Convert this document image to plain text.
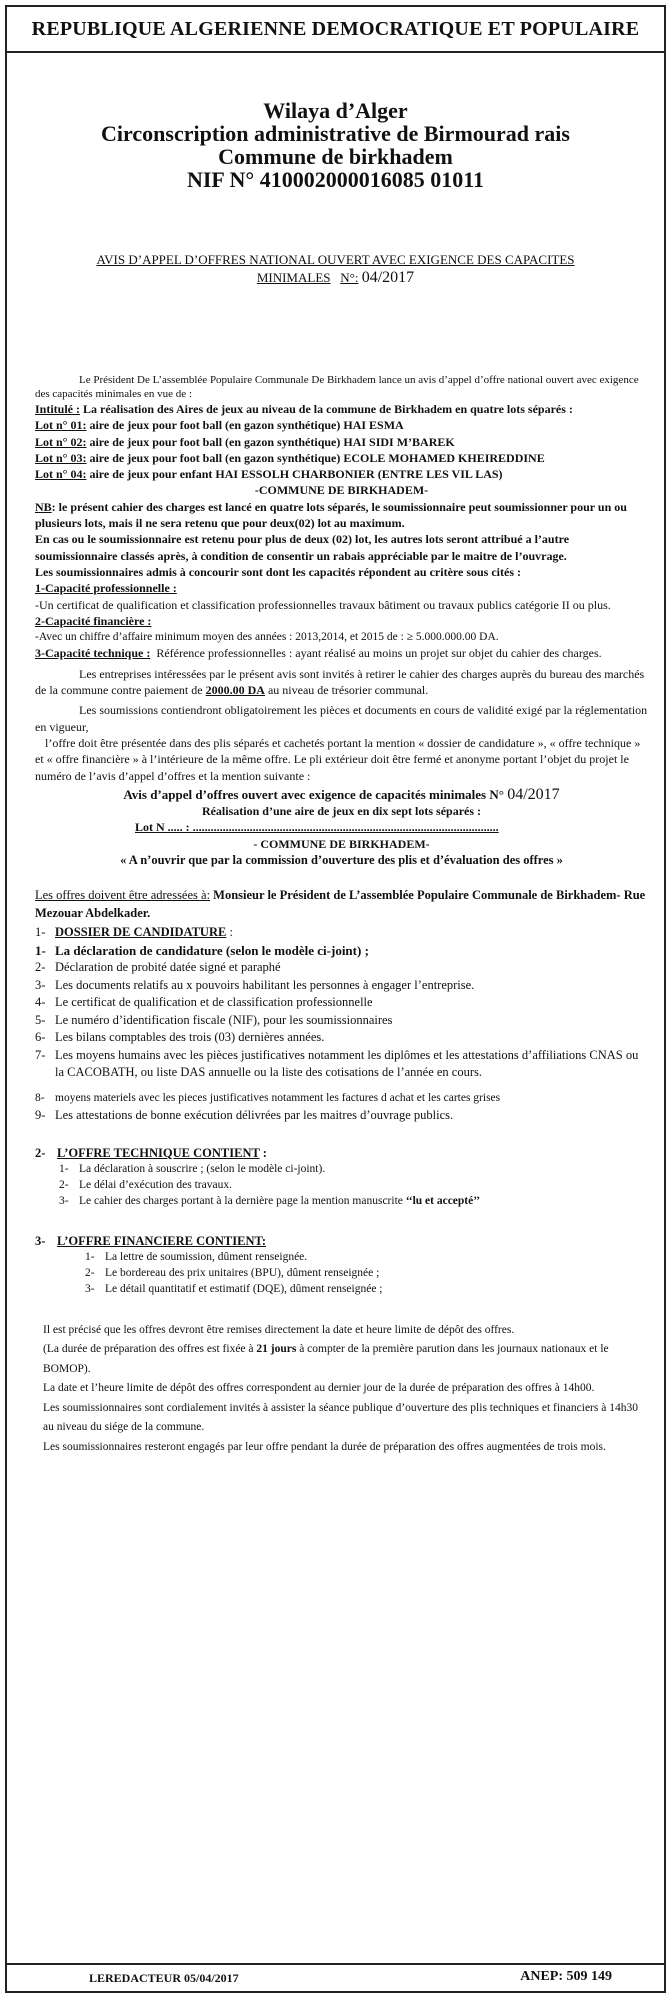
REPUBLIQUE ALGERIENNE DEMOCRATIQUE ET POPULAIRE
Wilaya d’Alger
Circonscription administrative de Birmourad rais
Commune de birkhadem
NIF N° 410002000016085 01011
AVIS D’APPEL D’OFFRES NATIONAL OUVERT AVEC EXIGENCE DES CAPACITES
MINIMALES N°: 04/2017

Le Président De L’assemblée Populaire Communale De Birkhadem lance un avis d’appel d’offre national ouvert avec exigence des capacités minimales en vue de :

Intitulé : La réalisation des Aires de jeux au niveau de la commune de Birkhadem en quatre lots séparés :

Lot n° 01: aire de jeux pour foot ball (en gazon synthétique) HAI ESMA

Lot n° 02: aire de jeux pour foot ball (en gazon synthétique) HAI SIDI M’BAREK

Lot n° 03: aire de jeux pour foot ball (en gazon synthétique) ECOLE MOHAMED KHEIREDDINE

Lot n° 04: aire de jeux pour enfant HAI ESSOLH CHARBONIER (ENTRE LES VIL LAS)

-COMMUNE DE BIRKHADEM-

NB: le présent cahier des charges est lancé en quatre lots séparés, le soumissionnaire peut soumissionner pour un ou plusieurs lots, mais il ne sera retenu que pour deux(02) lot au maximum.

En cas ou le soumissionnaire est retenu pour plus de deux (02) lot, les autres lots seront attribué a l’autre soumissionnaire classés après, à condition de consentir un rabais appréciable par le maitre de l’ouvrage.

Les soumissionnaires admis à concourir sont dont les capacités répondent au critère sous cités :

1-Capacité professionnelle :

-Un certificat de qualification et classification professionnelles travaux bâtiment ou travaux publics catégorie II ou plus.

2-Capacité financière :

-Avec un chiffre d’affaire minimum moyen des années : 2013,2014, et 2015 de : ≥ 5.000.000.00 DA.

3-Capacité technique : Référence professionnelles : ayant réalisé au moins un projet sur objet du cahier des charges.

Les entreprises intéressées par le présent avis sont invités à retirer le cahier des charges auprès du bureau des marchés de la commune contre paiement de 2000.00 DA au niveau de trésorier communal.

Les soumissions contiendront obligatoirement les pièces et documents en cours de validité exigé par la réglementation en vigueur,

l’offre doit être présentée dans des plis séparés et cachetés portant la mention « dossier de candidature », « offre technique » et « offre financière » à l’intérieure de la même offre. Le pli extérieur doit être fermé et anonyme portant l’objet du projet le numéro de l’avis d’appel d’offres et la mention suivante :

Avis d’appel d’offres ouvert avec exigence de capacités minimales N° 04/2017

Réalisation d’une aire de jeux en dix sept lots séparés :

Lot N ..... : ......................................................................................................

- COMMUNE DE BIRKHADEM-

« A n’ouvrir que par la commission d’ouverture des plis et d’évaluation des offres »

Les offres doivent être adressées à: Monsieur le Président de L’assemblée Populaire Communale de Birkhadem- Rue Mezouar Abdelkader.

1- DOSSIER DE CANDIDATURE :

1- La déclaration de candidature (selon le modèle ci-joint) ;
2- Déclaration de probité datée signé et paraphé
3- Les documents relatifs au x pouvoirs habilitant les personnes à engager l’entreprise.
4- Le certificat de qualification et de classification professionnelle
5- Le numéro d’identification fiscale (NIF), pour les soumissionnaires
6- Les bilans comptables des trois (03) dernières années.
7- Les moyens humains avec les pièces justificatives notamment les diplômes et les attestations d’affiliations CNAS ou la CACOBATH, ou liste DAS annuelle ou la liste des cotisations de l’année en cours.
8- moyens materiels avec les pieces justificatives notamment les factures d achat et les cartes grises
9- Les attestations de bonne exécution délivrées par les maitres d’ouvrage publics.

2- L’OFFRE TECHNIQUE CONTIENT :

1- La déclaration à souscrire ; (selon le modèle ci-joint).
2- Le délai d’exécution des travaux.
3- Le cahier des charges portant à la dernière page la mention manuscrite ‘‘lu et accepté’’

3- L’OFFRE FINANCIERE CONTIENT:

1- La lettre de soumission, dûment renseignée.
2- Le bordereau des prix unitaires (BPU), dûment renseignée ;
3- Le détail quantitatif et estimatif (DQE), dûment renseignée ;

Il est précisé que les offres devront être remises directement la date et heure limite de dépôt des offres.

(La durée de préparation des offres est fixée à 21 jours à compter de la première parution dans les journaux nationaux et le BOMOP).

La date et l’heure limite de dépôt des offres correspondent au dernier jour de la durée de préparation des offres à 14h00.

Les soumissionnaires sont cordialement invités à assister la séance publique d’ouverture des plis techniques et financiers à 14h30 au niveau du siége de la commune.

Les soumissionnaires resteront engagés par leur offre pendant la durée de préparation des offres augmentées de trois mois.

LEREDACTEUR 05/04/2017	ANEP: 509 149
